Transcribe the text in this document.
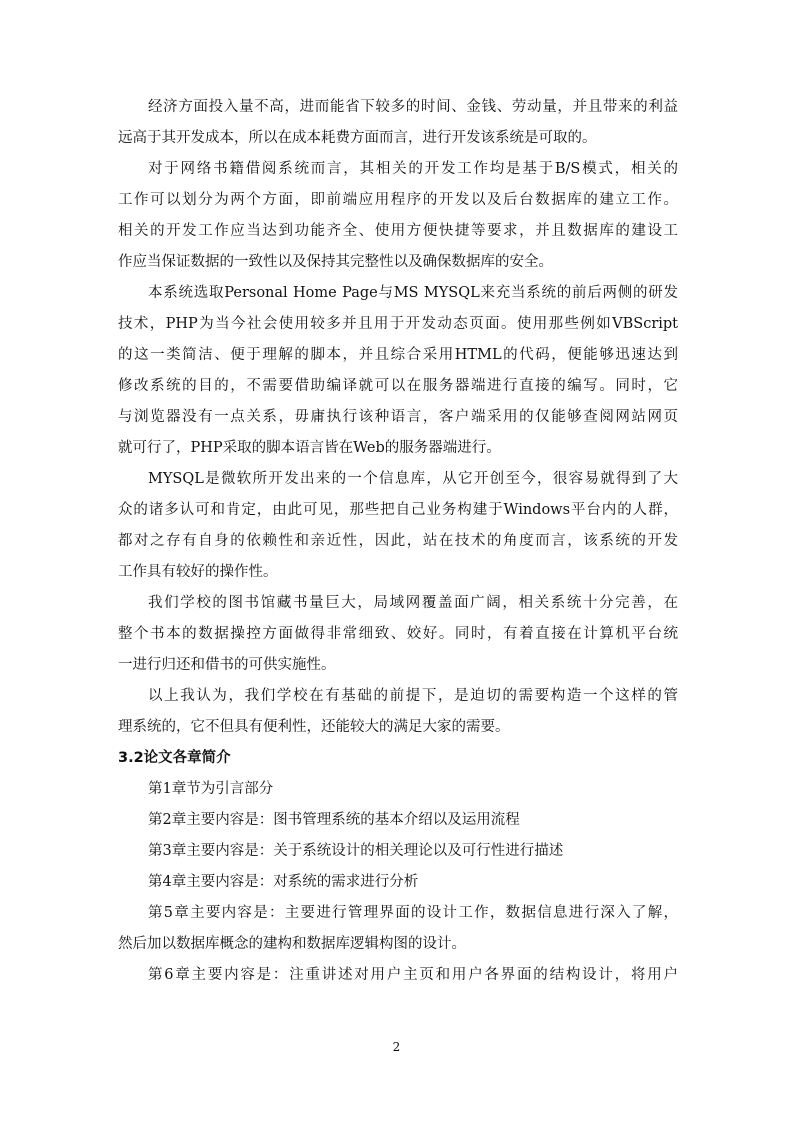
经济方面投入量不高，进而能省下较多的时间、金钱、劳动量，并且带来的利益
远高于其开发成本，所以在成本耗费方面而言，进行开发该系统是可取的。
对于网络书籍借阅系统而言，其相关的开发工作均是基于B/S模式，相关的
工作可以划分为两个方面，即前端应用程序的开发以及后台数据库的建立工作。
相关的开发工作应当达到功能齐全、使用方便快捷等要求，并且数据库的建设工
作应当保证数据的一致性以及保持其完整性以及确保数据库的安全。
本系统选取Personal Home Page与MS MYSQL来充当系统的前后两侧的研发
技术，PHP为当今社会使用较多并且用于开发动态页面。使用那些例如VBScript
的这一类简洁、便于理解的脚本，并且综合采用HTML的代码，便能够迅速达到
修改系统的目的，不需要借助编译就可以在服务器端进行直接的编写。同时，它
与浏览器没有一点关系，毋庸执行该种语言，客户端采用的仅能够查阅网站网页
就可行了，PHP采取的脚本语言皆在Web的服务器端进行。
MYSQL是微软所开发出来的一个信息库，从它开创至今，很容易就得到了大
众的诸多认可和肯定，由此可见，那些把自己业务构建于Windows平台内的人群，
都对之存有自身的依赖性和亲近性，因此，站在技术的角度而言，该系统的开发
工作具有较好的操作性。
我们学校的图书馆藏书量巨大，局域网覆盖面广阔，相关系统十分完善，在
整个书本的数据操控方面做得非常细致、姣好。同时，有着直接在计算机平台统
一进行归还和借书的可供实施性。
以上我认为，我们学校在有基础的前提下，是迫切的需要构造一个这样的管
理系统的，它不但具有便利性，还能较大的满足大家的需要。
3.2论文各章简介
第1章节为引言部分
第2章主要内容是：图书管理系统的基本介绍以及运用流程
第3章主要内容是：关于系统设计的相关理论以及可行性进行描述
第4章主要内容是：对系统的需求进行分析
第5章主要内容是：主要进行管理界面的设计工作，数据信息进行深入了解，
然后加以数据库概念的建构和数据库逻辑构图的设计。
第6章主要内容是：注重讲述对用户主页和用户各界面的结构设计，将用户
2
